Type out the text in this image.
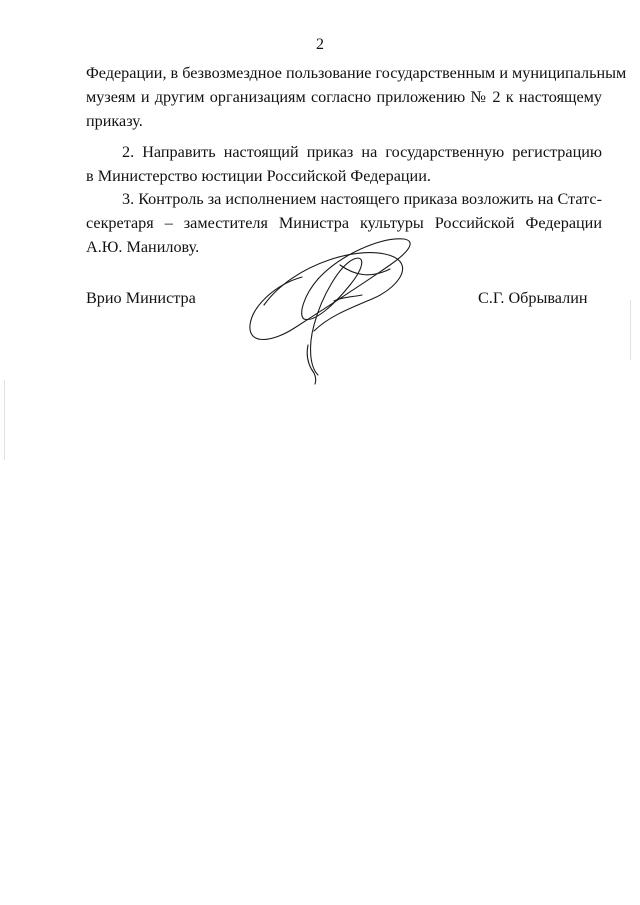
2
Федерации, в безвозмездное пользование государственным и муниципальным
музеям и другим организациям согласно приложению № 2 к настоящему
приказу.
2. Направить настоящий приказ на государственную регистрацию
в Министерство юстиции Российской Федерации.
3. Контроль за исполнением настоящего приказа возложить на Статс-
секретаря – заместителя Министра культуры Российской Федерации
А.Ю. Манилову.
Врио Министра	С.Г. Обрывалин
